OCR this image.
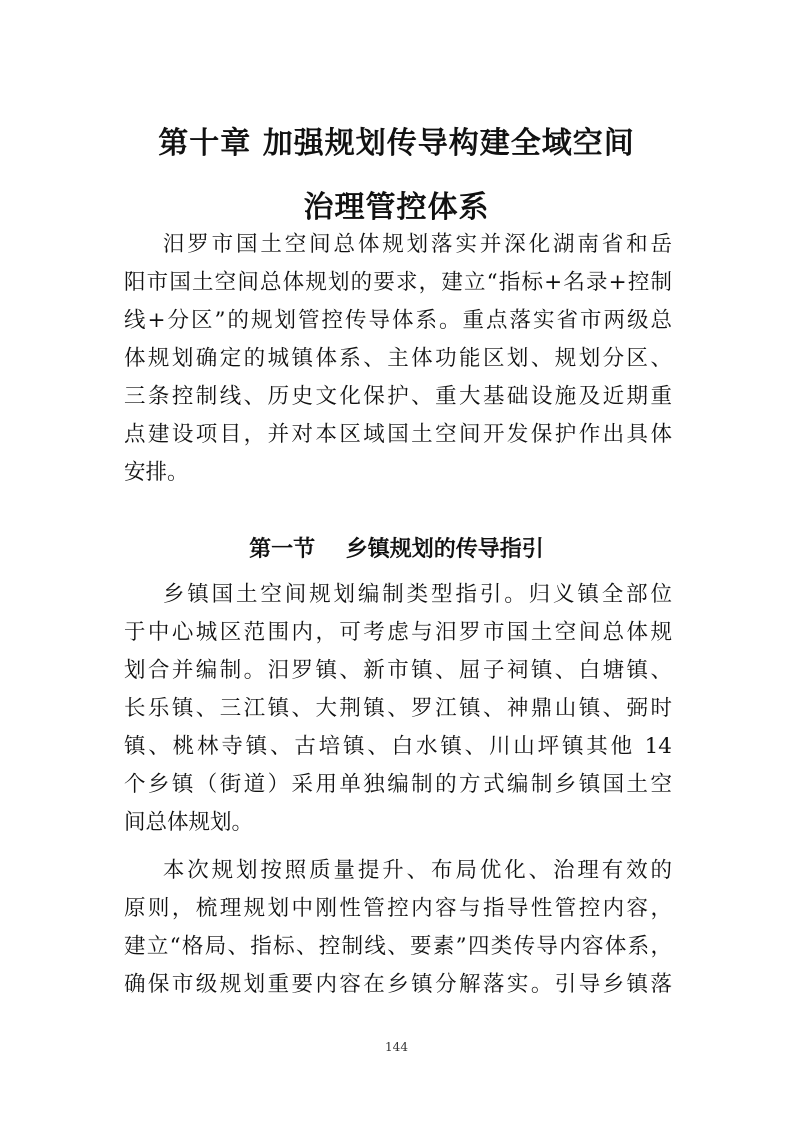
第十章 加强规划传导构建全域空间
治理管控体系

汨罗市国土空间总体规划落实并深化湖南省和岳

阳市国土空间总体规划的要求，建立“指标+名录+控制

线+分区”的规划管控传导体系。重点落实省市两级总

体规划确定的城镇体系、主体功能区划、规划分区、

三条控制线、历史文化保护、重大基础设施及近期重

点建设项目，并对本区域国土空间开发保护作出具体

安排。

第一节    乡镇规划的传导指引

乡镇国土空间规划编制类型指引。归义镇全部位

于中心城区范围内，可考虑与汨罗市国土空间总体规

划合并编制。汨罗镇、新市镇、屈子祠镇、白塘镇、

长乐镇、三江镇、大荆镇、罗江镇、神鼎山镇、弼时

镇、桃林寺镇、古培镇、白水镇、川山坪镇其他 14

个乡镇（街道）采用单独编制的方式编制乡镇国土空

间总体规划。

本次规划按照质量提升、布局优化、治理有效的

原则，梳理规划中刚性管控内容与指导性管控内容，

建立“格局、指标、控制线、要素”四类传导内容体系，

确保市级规划重要内容在乡镇分解落实。引导乡镇落

144
